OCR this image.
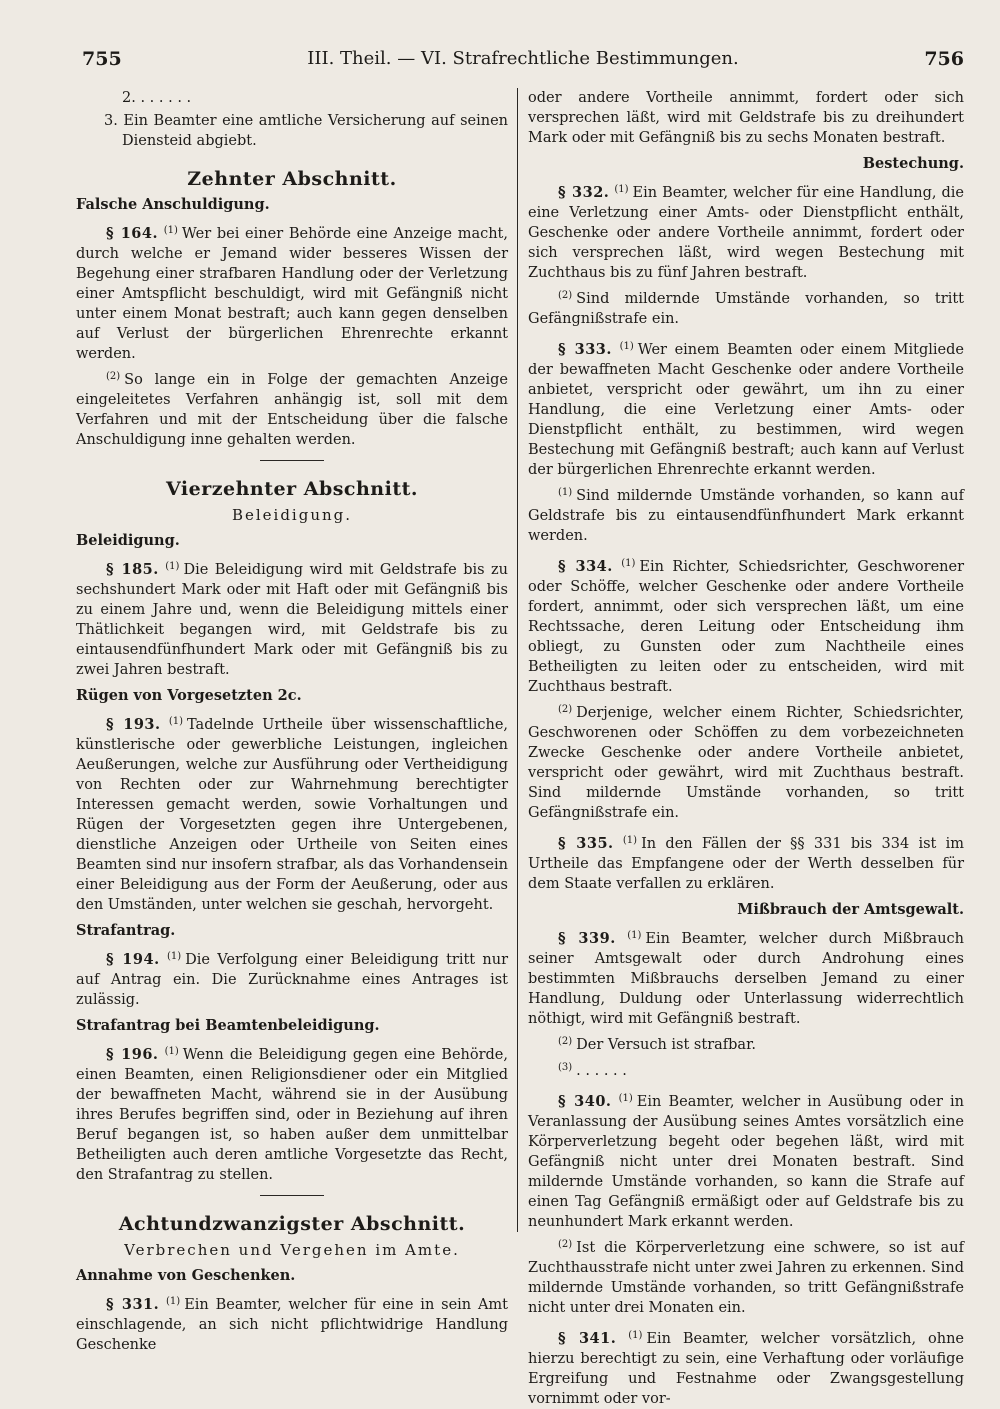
755	III. Theil. — VI. Strafrechtliche Bestimmungen.	756

2. . . . . . .

3. Ein Beamter eine amtliche Versicherung auf seinen Diensteid abgiebt.

Zehnter Abschnitt.
Falsche Anschuldigung.

§ 164. $^{(1)}$ Wer bei einer Behörde eine Anzeige macht, durch welche er Jemand wider besseres Wissen der Begehung einer strafbaren Handlung oder der Verletzung einer Amtspflicht beschuldigt, wird mit Gefängniß nicht unter einem Monat bestraft; auch kann gegen denselben auf Verlust der bürgerlichen Ehrenrechte erkannt werden.

$^{(2)}$ So lange ein in Folge der gemachten Anzeige eingeleitetes Verfahren anhängig ist, soll mit dem Verfahren und mit der Entscheidung über die falsche Anschuldigung inne gehalten werden.

Vierzehnter Abschnitt.
Beleidigung.
Beleidigung.

§ 185. $^{(1)}$ Die Beleidigung wird mit Geldstrafe bis zu sechshundert Mark oder mit Haft oder mit Gefängniß bis zu einem Jahre und, wenn die Beleidigung mittels einer Thätlichkeit begangen wird, mit Geldstrafe bis zu eintausendfünfhundert Mark oder mit Gefängniß bis zu zwei Jahren bestraft.

Rügen von Vorgesetzten 2c.

§ 193. $^{(1)}$ Tadelnde Urtheile über wissenschaftliche, künstlerische oder gewerbliche Leistungen, ingleichen Aeußerungen, welche zur Ausführung oder Vertheidigung von Rechten oder zur Wahrnehmung berechtigter Interessen gemacht werden, sowie Vorhaltungen und Rügen der Vorgesetzten gegen ihre Untergebenen, dienstliche Anzeigen oder Urtheile von Seiten eines Beamten sind nur insofern strafbar, als das Vorhandensein einer Beleidigung aus der Form der Aeußerung, oder aus den Umständen, unter welchen sie geschah, hervorgeht.

Strafantrag.

§ 194. $^{(1)}$ Die Verfolgung einer Beleidigung tritt nur auf Antrag ein. Die Zurücknahme eines Antrages ist zulässig.

Strafantrag bei Beamtenbeleidigung.

§ 196. $^{(1)}$ Wenn die Beleidigung gegen eine Behörde, einen Beamten, einen Religionsdiener oder ein Mitglied der bewaffneten Macht, während sie in der Ausübung ihres Berufes begriffen sind, oder in Beziehung auf ihren Beruf begangen ist, so haben außer dem unmittelbar Betheiligten auch deren amtliche Vorgesetzte das Recht, den Strafantrag zu stellen.

Achtundzwanzigster Abschnitt.
Verbrechen und Vergehen im Amte.
Annahme von Geschenken.

§ 331. $^{(1)}$ Ein Beamter, welcher für eine in sein Amt einschlagende, an sich nicht pflichtwidrige Handlung Geschenke

oder andere Vortheile annimmt, fordert oder sich versprechen läßt, wird mit Geldstrafe bis zu dreihundert Mark oder mit Gefängniß bis zu sechs Monaten bestraft.

Bestechung.

§ 332. $^{(1)}$ Ein Beamter, welcher für eine Handlung, die eine Verletzung einer Amts- oder Dienstpflicht enthält, Geschenke oder andere Vortheile annimmt, fordert oder sich versprechen läßt, wird wegen Bestechung mit Zuchthaus bis zu fünf Jahren bestraft.

$^{(2)}$ Sind mildernde Umstände vorhanden, so tritt Gefängnißstrafe ein.

§ 333. $^{(1)}$ Wer einem Beamten oder einem Mitgliede der bewaffneten Macht Geschenke oder andere Vortheile anbietet, verspricht oder gewährt, um ihn zu einer Handlung, die eine Verletzung einer Amts- oder Dienstpflicht enthält, zu bestimmen, wird wegen Bestechung mit Gefängniß bestraft; auch kann auf Verlust der bürgerlichen Ehrenrechte erkannt werden.

$^{(1)}$ Sind mildernde Umstände vorhanden, so kann auf Geldstrafe bis zu eintausendfünfhundert Mark erkannt werden.

§ 334. $^{(1)}$ Ein Richter, Schiedsrichter, Geschworener oder Schöffe, welcher Geschenke oder andere Vortheile fordert, annimmt, oder sich versprechen läßt, um eine Rechtssache, deren Leitung oder Entscheidung ihm obliegt, zu Gunsten oder zum Nachtheile eines Betheiligten zu leiten oder zu entscheiden, wird mit Zuchthaus bestraft.

$^{(2)}$ Derjenige, welcher einem Richter, Schiedsrichter, Geschworenen oder Schöffen zu dem vorbezeichneten Zwecke Geschenke oder andere Vortheile anbietet, verspricht oder gewährt, wird mit Zuchthaus bestraft. Sind mildernde Umstände vorhanden, so tritt Gefängnißstrafe ein.

§ 335. $^{(1)}$ In den Fällen der §§ 331 bis 334 ist im Urtheile das Empfangene oder der Werth desselben für dem Staate verfallen zu erklären.

Mißbrauch der Amtsgewalt.

§ 339. $^{(1)}$ Ein Beamter, welcher durch Mißbrauch seiner Amtsgewalt oder durch Androhung eines bestimmten Mißbrauchs derselben Jemand zu einer Handlung, Duldung oder Unterlassung widerrechtlich nöthigt, wird mit Gefängniß bestraft.

$^{(2)}$ Der Versuch ist strafbar.

$^{(3)}$ . . . . . .

§ 340. $^{(1)}$ Ein Beamter, welcher in Ausübung oder in Veranlassung der Ausübung seines Amtes vorsätzlich eine Körperverletzung begeht oder begehen läßt, wird mit Gefängniß nicht unter drei Monaten bestraft. Sind mildernde Umstände vorhanden, so kann die Strafe auf einen Tag Gefängniß ermäßigt oder auf Geldstrafe bis zu neunhundert Mark erkannt werden.

$^{(2)}$ Ist die Körperverletzung eine schwere, so ist auf Zuchthausstrafe nicht unter zwei Jahren zu erkennen. Sind mildernde Umstände vorhanden, so tritt Gefängnißstrafe nicht unter drei Monaten ein.

§ 341. $^{(1)}$ Ein Beamter, welcher vorsätzlich, ohne hierzu berechtigt zu sein, eine Verhaftung oder vorläufige Ergreifung und Festnahme oder Zwangsgestellung vornimmt oder vor-
